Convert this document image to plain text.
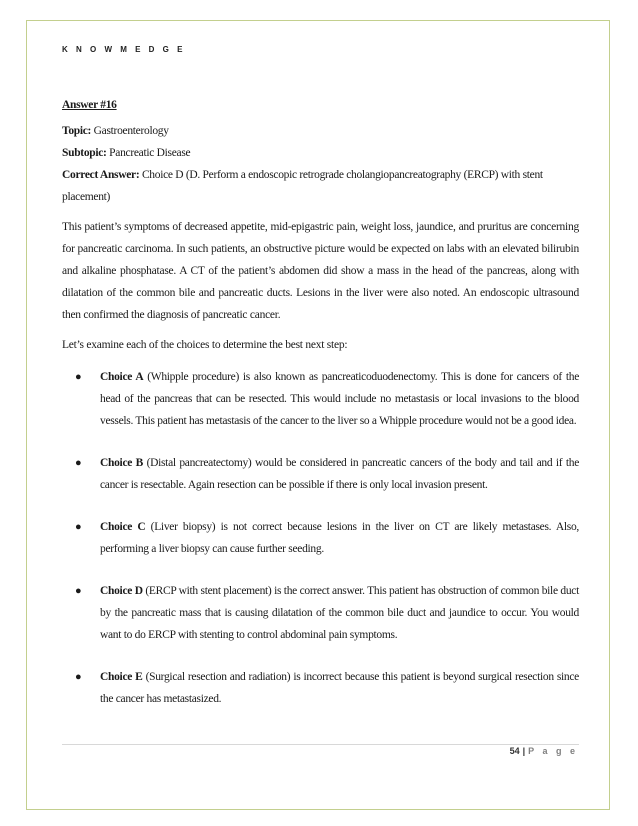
K N O W M E D G E

Answer #16

Topic: Gastroenterology

Subtopic: Pancreatic Disease

Correct Answer: Choice D (D. Perform a endoscopic retrograde cholangiopancreatography (ERCP) with stent placement)

This patient’s symptoms of decreased appetite, mid-epigastric pain, weight loss, jaundice, and pruritus are concerning for pancreatic carcinoma. In such patients, an obstructive picture would be expected on labs with an elevated bilirubin and alkaline phosphatase. A CT of the patient’s abdomen did show a mass in the head of the pancreas, along with dilatation of the common bile and pancreatic ducts. Lesions in the liver were also noted. An endoscopic ultrasound then confirmed the diagnosis of pancreatic cancer.

Let’s examine each of the choices to determine the best next step:

● Choice A (Whipple procedure) is also known as pancreaticoduodenectomy. This is done for cancers of the head of the pancreas that can be resected. This would include no metastasis or local invasions to the blood vessels. This patient has metastasis of the cancer to the liver so a Whipple procedure would not be a good idea.
● Choice B (Distal pancreatectomy) would be considered in pancreatic cancers of the body and tail and if the cancer is resectable. Again resection can be possible if there is only local invasion present.
● Choice C (Liver biopsy) is not correct because lesions in the liver on CT are likely metastases. Also, performing a liver biopsy can cause further seeding.
● Choice D (ERCP with stent placement) is the correct answer. This patient has obstruction of common bile duct by the pancreatic mass that is causing dilatation of the common bile duct and jaundice to occur. You would want to do ERCP with stenting to control abdominal pain symptoms.
● Choice E (Surgical resection and radiation) is incorrect because this patient is beyond surgical resection since the cancer has metastasized.
54 | P a g e
